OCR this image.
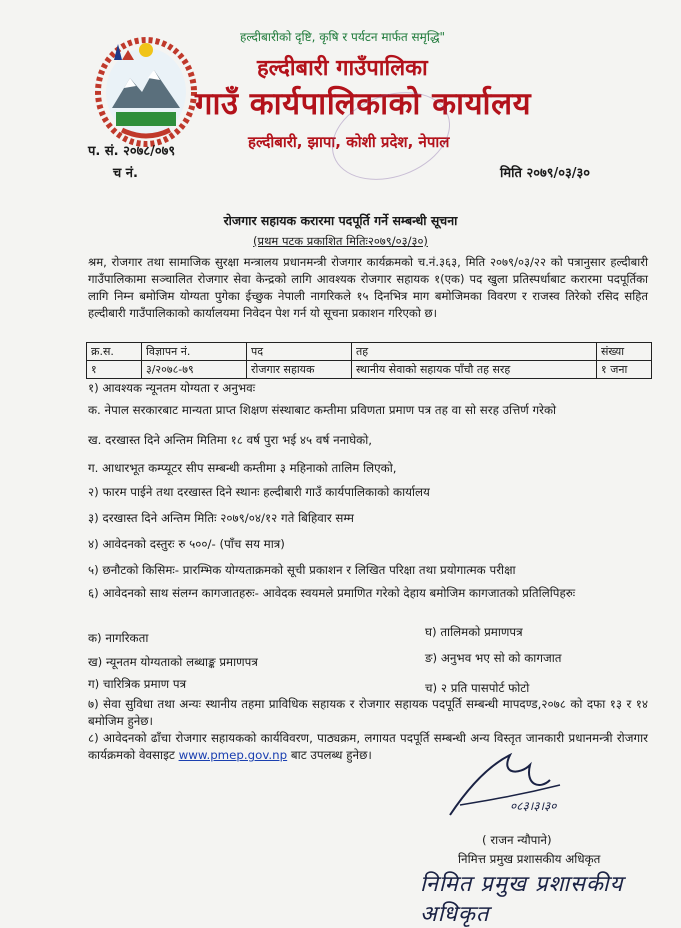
हल्दीबारीको दृष्टि, कृषि र पर्यटन मार्फत समृद्धि"
हल्दीबारी गाउँपालिका
गाउँ कार्यपालिकाको कार्यालय
हल्दीबारी, झापा, कोशी प्रदेश, नेपाल
प. सं. २०७८/०७९
च नं.	मिति २०७९/०३/३०
रोजगार सहायक करारमा पदपूर्ति गर्ने सम्बन्धी सूचना
(प्रथम पटक प्रकाशित मितिः२०७९/०३/३०)
श्रम, रोजगार तथा सामाजिक सुरक्षा मन्त्रालय प्रधानमन्त्री रोजगार कार्यक्रमको च.नं.३६३, मिति २०७९/०३/२२ को पत्रानुसार हल्दीबारी गाउँपालिकामा सञ्चालित रोजगार सेवा केन्द्रको लागि आवश्यक रोजगार सहायक १(एक) पद खुला प्रतिस्पर्धाबाट करारमा पदपूर्तिका लागि निम्न बमोजिम योग्यता पुगेका ईच्छुक नेपाली नागरिकले १५ दिनभित्र माग बमोजिमका विवरण र राजस्व तिरेको रसिद सहित हल्दीबारी गाउँपालिकाको कार्यालयमा निवेदन पेश गर्न यो सूचना प्रकाशन गरिएको छ।
क्र.स.	विज्ञापन नं.	पद	तह	संख्या
१	३/२०७८-७९	रोजगार सहायक	स्थानीय सेवाको सहायक पाँचौ तह सरह	१ जना
१) आवश्यक न्यूनतम योग्यता र अनुभवः
क. नेपाल सरकारबाट मान्यता प्राप्त शिक्षण संस्थाबाट कम्तीमा प्रविणता प्रमाण पत्र तह वा सो सरह उत्तिर्ण गरेको
ख. दरखास्त दिने अन्तिम मितिमा १८ वर्ष पुरा भई ४५ वर्ष ननाघेको,
ग. आधारभूत कम्प्यूटर सीप सम्बन्धी कम्तीमा ३ महिनाको तालिम लिएको,
२) फारम पाईने तथा दरखास्त दिने स्थानः हल्दीबारी गाउँ कार्यपालिकाको कार्यालय
३) दरखास्त दिने अन्तिम मितिः २०७९/०४/१२ गते बिहिवार सम्म
४) आवेदनको दस्तुरः रु ५००/- (पाँच सय मात्र)
५) छनौटको किसिमः- प्रारम्भिक योग्यताक्रमको सूची प्रकाशन र लिखित परिक्षा तथा प्रयोगात्मक परीक्षा
६) आवेदनको साथ संलग्न कागजातहरुः- आवेदक स्वयमले प्रमाणित गरेको देहाय बमोजिम कागजातको प्रतिलिपिहरुः
क) नागरिकता	घ) तालिमको प्रमाणपत्र
ख) न्यूनतम योग्यताको लब्धाङ्क प्रमाणपत्र	ङ) अनुभव भए सो को कागजात
ग) चारित्रिक प्रमाण पत्र	च) २ प्रति पासपोर्ट फोटो
७) सेवा सुविधा तथा अन्यः स्थानीय तहमा प्राविधिक सहायक र रोजगार सहायक पदपूर्ति सम्बन्धी मापदण्ड,२०७८ को दफा १३ र १४ बमोजिम हुनेछ।
८) आवेदनको ढाँचा रोजगार सहायकको कार्यविवरण, पाठ्यक्रम, लगायत पदपूर्ति सम्बन्धी अन्य विस्तृत जानकारी प्रधानमन्त्री रोजगार कार्यक्रमको वेवसाइट www.pmep.gov.np बाट उपलब्ध हुनेछ।
०८३।३।३०
( राजन न्यौपाने)
निमित्त प्रमुख प्रशासकीय अधिकृत
निमित प्रमुख प्रशासकीय अधिकृत
